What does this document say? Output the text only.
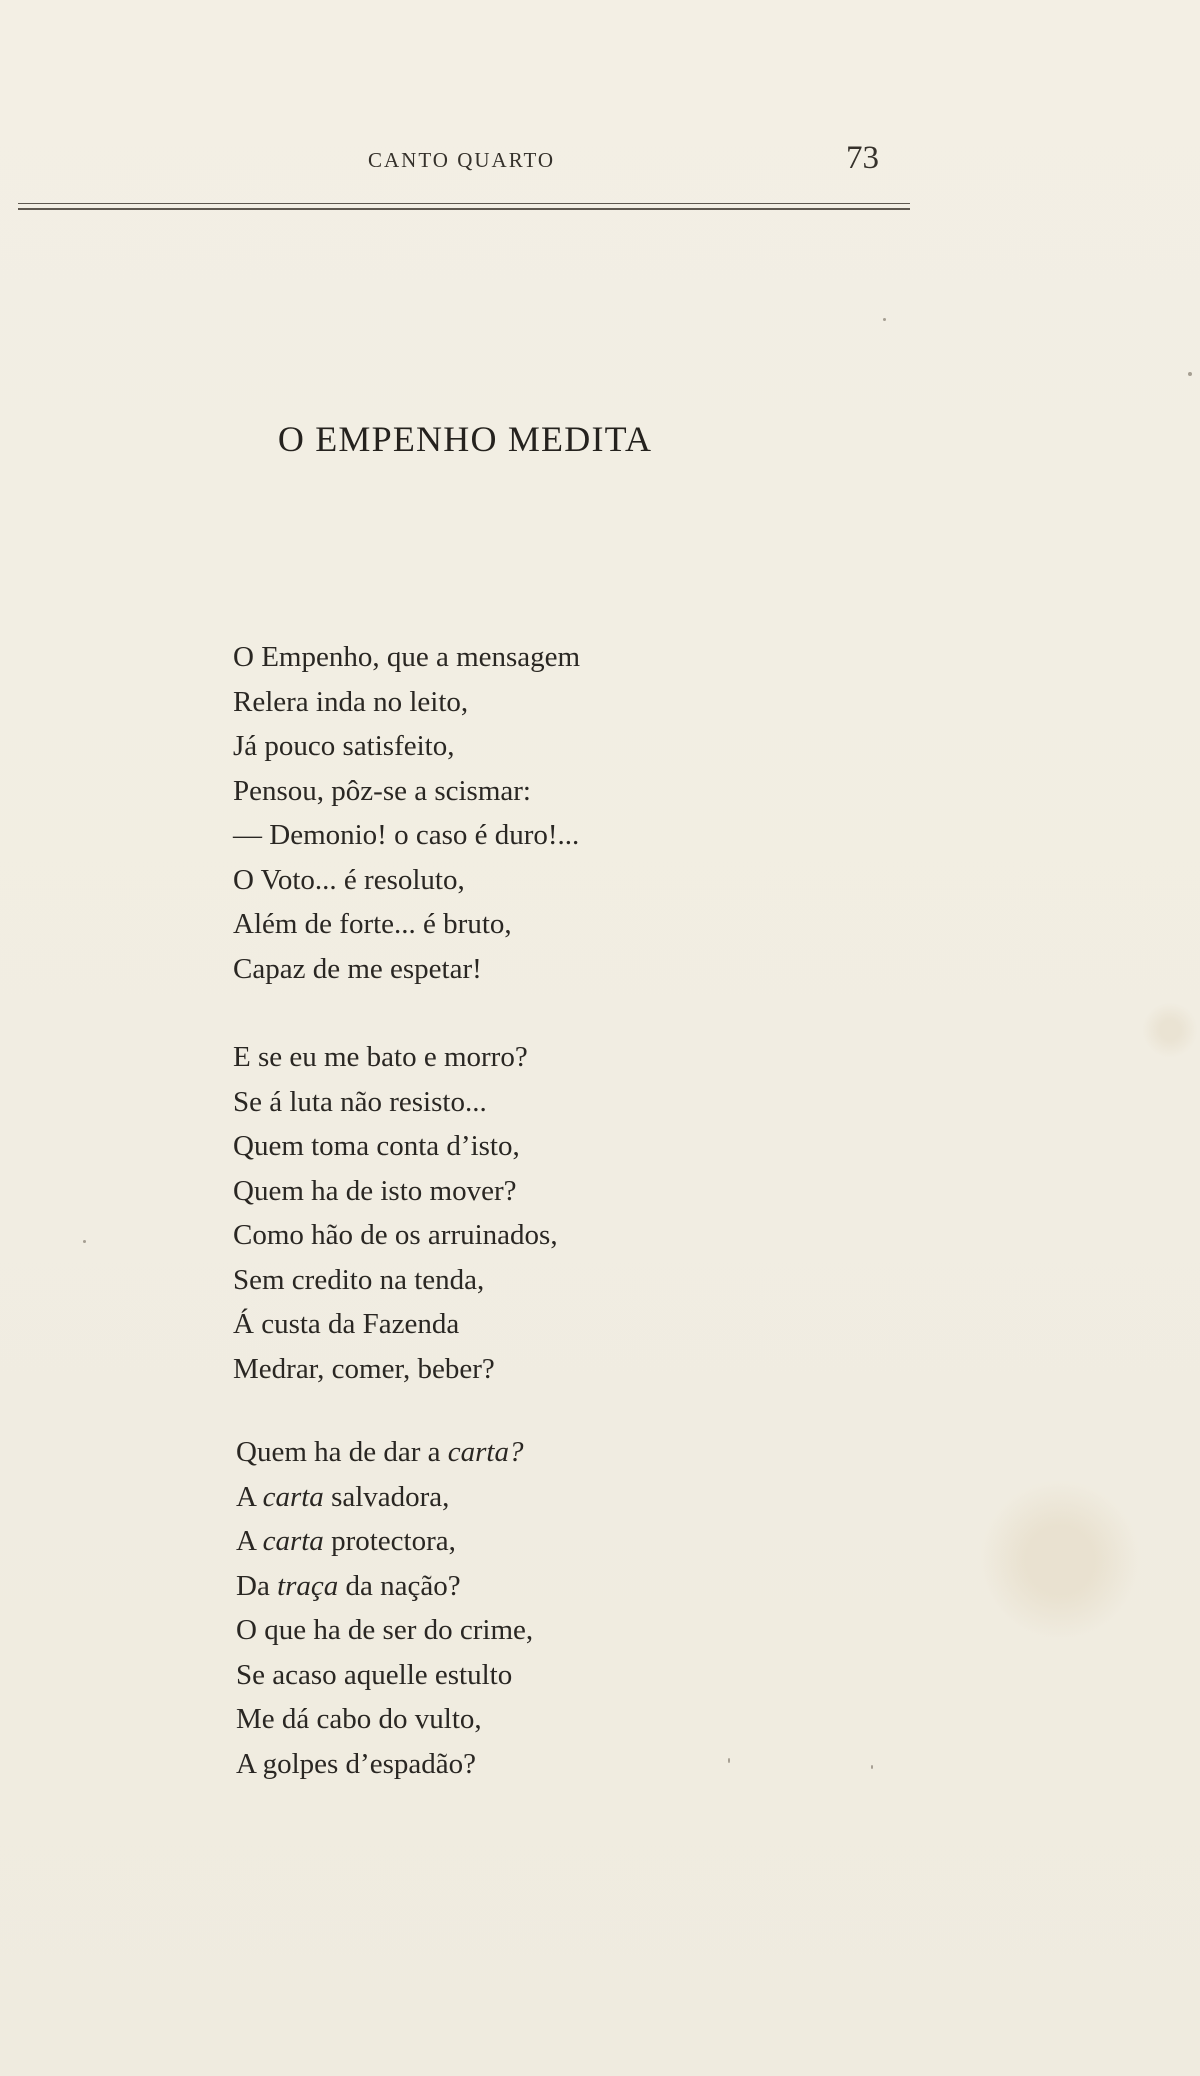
CANTO QUARTO	73
O EMPENHO MEDITA
O Empenho, que a mensagem
Relera inda no leito,
Já pouco satisfeito,
Pensou, pôz-se a scismar:
— Demonio! o caso é duro!...
O Voto... é resoluto,
Além de forte... é bruto,
Capaz de me espetar!
E se eu me bato e morro?
Se á luta não resisto...
Quem toma conta d’isto,
Quem ha de isto mover?
Como hão de os arruinados,
Sem credito na tenda,
Á custa da Fazenda
Medrar, comer, beber?
Quem ha de dar a carta?
A carta salvadora,
A carta protectora,
Da traça da nação?
O que ha de ser do crime,
Se acaso aquelle estulto
Me dá cabo do vulto,
A golpes d’espadão?
